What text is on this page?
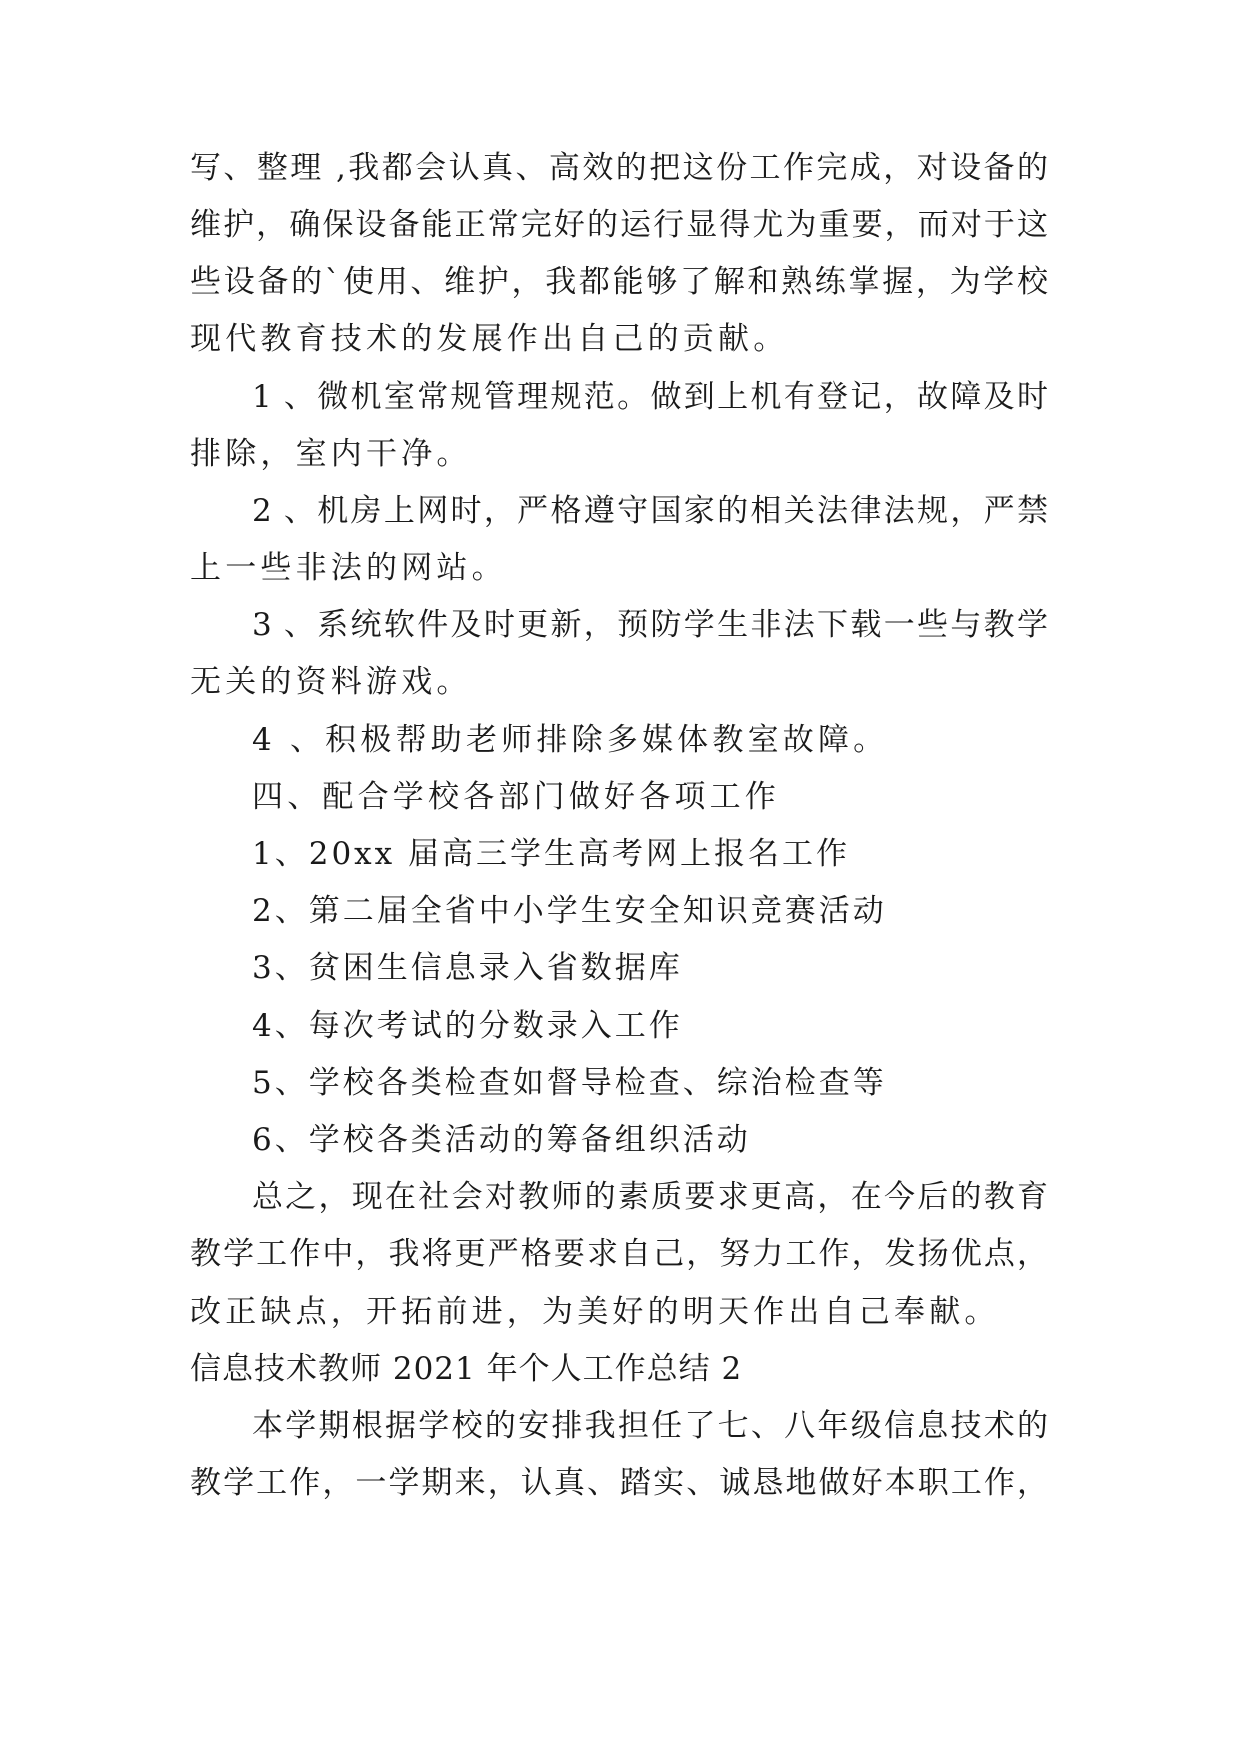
写、整理 ,我都会认真、高效的把这份工作完成，对设备的
维护，确保设备能正常完好的运行显得尤为重要，而对于这
些设备的`使用、维护，我都能够了解和熟练掌握，为学校
现代教育技术的发展作出自己的贡献。
1 、微机室常规管理规范。做到上机有登记，故障及时
排除，室内干净。
2 、机房上网时，严格遵守国家的相关法律法规，严禁
上一些非法的网站。
3 、系统软件及时更新，预防学生非法下载一些与教学
无关的资料游戏。
4 、积极帮助老师排除多媒体教室故障。
四、配合学校各部门做好各项工作
1、20xx 届高三学生高考网上报名工作
2、第二届全省中小学生安全知识竞赛活动
3、贫困生信息录入省数据库
4、每次考试的分数录入工作
5、学校各类检查如督导检查、综治检查等
6、学校各类活动的筹备组织活动
总之，现在社会对教师的素质要求更高，在今后的教育
教学工作中，我将更严格要求自己，努力工作，发扬优点，
改正缺点，开拓前进，为美好的明天作出自己奉献。
信息技术教师 2021 年个人工作总结 2
本学期根据学校的安排我担任了七、八年级信息技术的
教学工作，一学期来，认真、踏实、诚恳地做好本职工作，
